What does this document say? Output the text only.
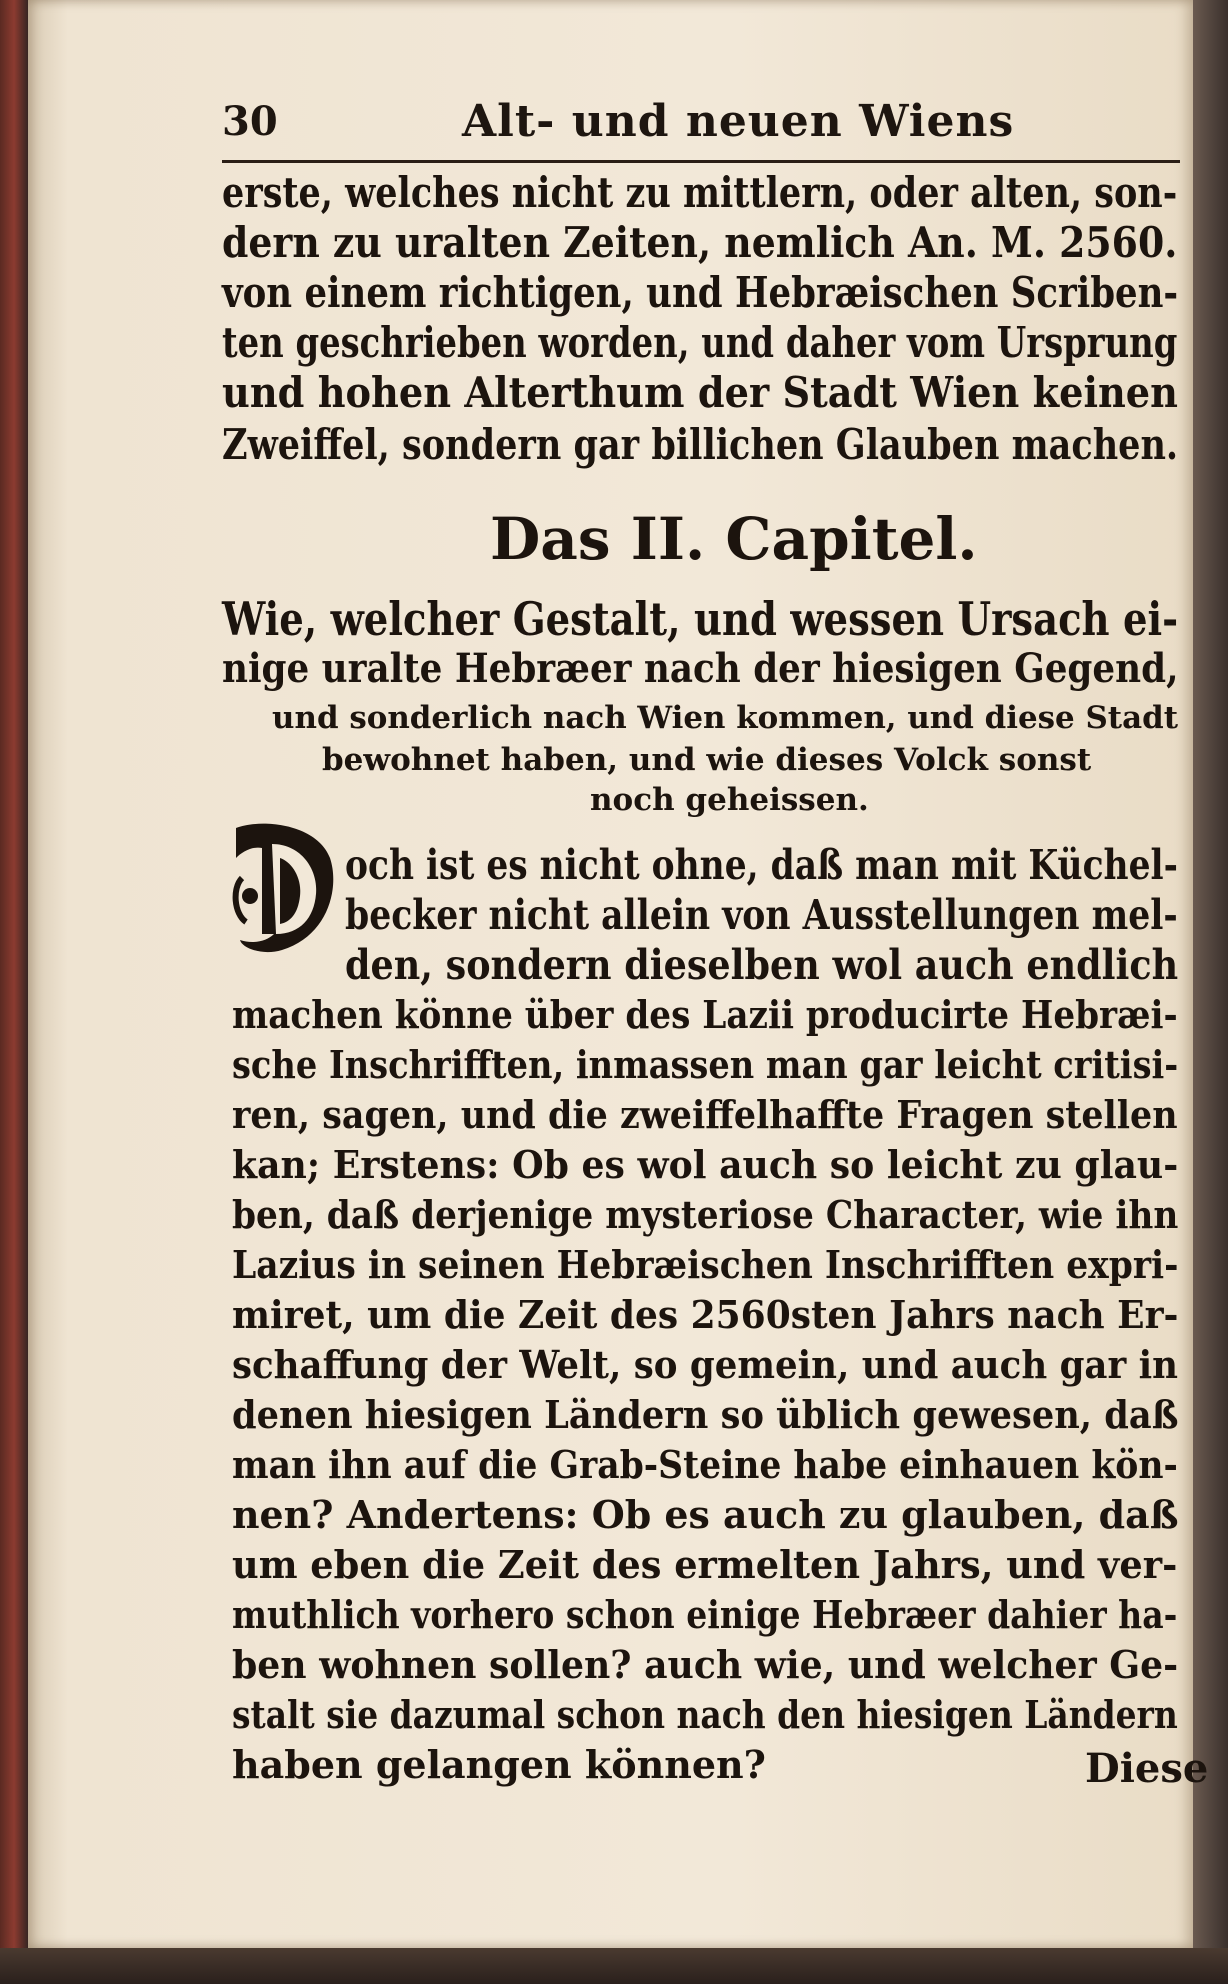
30	Alt- und neuen Wiens
erste, welches nicht zu mittlern, oder alten, son-
dern zu uralten Zeiten, nemlich An. M. 2560.
von einem richtigen, und Hebræischen Scriben-
ten geschrieben worden, und daher vom Ursprung
und hohen Alterthum der Stadt Wien keinen
Zweiffel, sondern gar billichen Glauben machen.
Das II. Capitel.
Wie, welcher Gestalt, und wessen Ursach ei-
nige uralte Hebræer nach der hiesigen Gegend,
und sonderlich nach Wien kommen, und diese Stadt
bewohnet haben, und wie dieses Volck sonst
noch geheissen.
och ist es nicht ohne, daß man mit Küchel-
becker nicht allein von Ausstellungen mel-
den, sondern dieselben wol auch endlich
machen könne über des Lazii producirte Hebræi-
sche Inschrifften, inmassen man gar leicht critisi-
ren, sagen, und die zweiffelhaffte Fragen stellen
kan; Erstens: Ob es wol auch so leicht zu glau-
ben, daß derjenige mysteriose Character, wie ihn
Lazius in seinen Hebræischen Inschrifften expri-
miret, um die Zeit des 2560sten Jahrs nach Er-
schaffung der Welt, so gemein, und auch gar in
denen hiesigen Ländern so üblich gewesen, daß
man ihn auf die Grab-Steine habe einhauen kön-
nen? Andertens: Ob es auch zu glauben, daß
um eben die Zeit des ermelten Jahrs, und ver-
muthlich vorhero schon einige Hebræer dahier ha-
ben wohnen sollen? auch wie, und welcher Ge-
stalt sie dazumal schon nach den hiesigen Ländern
haben gelangen können?	Diese
